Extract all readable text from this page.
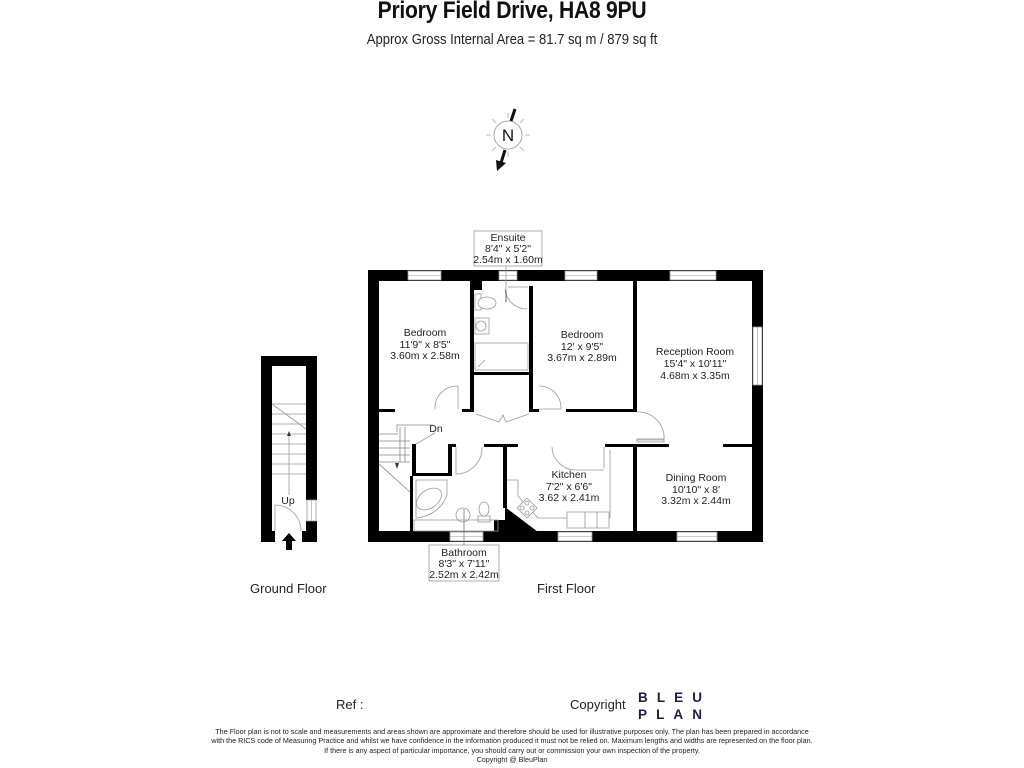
Priory Field Drive, HA8 9PU
Approx Gross Internal Area = 81.7 sq m / 879 sq ft
N
Bedroom
11'9" x 8'5"
3.60m x 2.58m
Bedroom
12' x 9'5"
3.67m x 2.89m	Reception Room
15'4" x 10'11"
4.68m x 3.35m
Dining Room
10'10" x 8'
3.32m x 2.44m
Kitchen
7'2" x 6'6"
3.62 x 2.41m
Dn
Ensuite
8'4" x 5'2"
2.54m x 1.60m
Bathroom
8'3" x 7'11"
2.52m x 2.42m
Up
Ground Floor	First Floor
Ref :	Copyright B L E U
P L A N
The Floor plan is not to scale and measurements and areas shown are approximate and therefore should be used for illustrative purposes only. The plan has been prepared in accordance
with the RICS code of Measuring Practice and whilst we have confidence in the information produced it must not be relied on. Maximum lengths and widths are represented on the floor plan.
If there is any aspect of particular importance, you should carry out or commission your own inspection of the property.
Copyright @ BleuPlan
